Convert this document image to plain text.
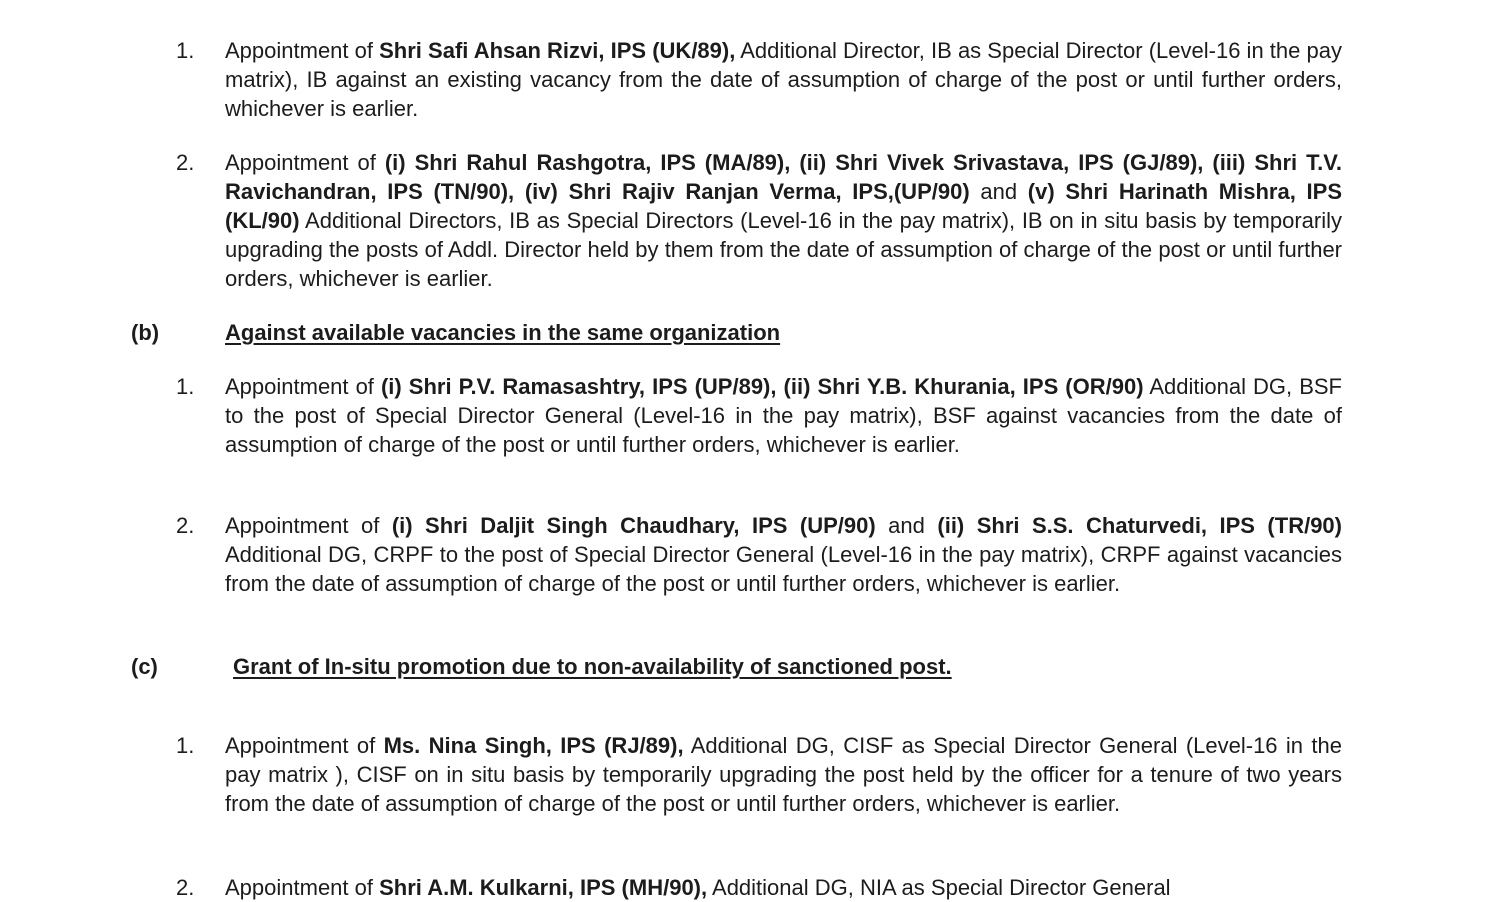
1.	Appointment of Shri Safi Ahsan Rizvi, IPS (UK/89), Additional Director, IB as Special Director (Level-16 in the pay matrix), IB against an existing vacancy from the date of assumption of charge of the post or until further orders, whichever is earlier.
2.	Appointment of (i) Shri Rahul Rashgotra, IPS (MA/89), (ii) Shri Vivek Srivastava, IPS (GJ/89), (iii) Shri T.V. Ravichandran, IPS (TN/90), (iv) Shri Rajiv Ranjan Verma, IPS,(UP/90) and (v) Shri Harinath Mishra, IPS (KL/90) Additional Directors, IB as Special Directors (Level-16 in the pay matrix), IB on in situ basis by temporarily upgrading the posts of Addl. Director held by them from the date of assumption of charge of the post or until further orders, whichever is earlier.
(b)	Against available vacancies in the same organization
1.	Appointment of (i) Shri P.V. Ramasashtry, IPS (UP/89), (ii) Shri Y.B. Khurania, IPS (OR/90) Additional DG, BSF to the post of Special Director General (Level-16 in the pay matrix), BSF against vacancies from the date of assumption of charge of the post or until further orders, whichever is earlier.
2.	Appointment of (i) Shri Daljit Singh Chaudhary, IPS (UP/90) and (ii) Shri S.S. Chaturvedi, IPS (TR/90) Additional DG, CRPF to the post of Special Director General (Level-16 in the pay matrix), CRPF against vacancies from the date of assumption of charge of the post or until further orders, whichever is earlier.
(c)	Grant of In-situ promotion due to non-availability of sanctioned post.
1.	Appointment of Ms. Nina Singh, IPS (RJ/89), Additional DG, CISF as Special Director General (Level-16 in the pay matrix ), CISF on in situ basis by temporarily upgrading the post held by the officer for a tenure of two years from the date of assumption of charge of the post or until further orders, whichever is earlier.
2.	Appointment of Shri A.M. Kulkarni, IPS (MH/90), Additional DG, NIA as Special Director General
